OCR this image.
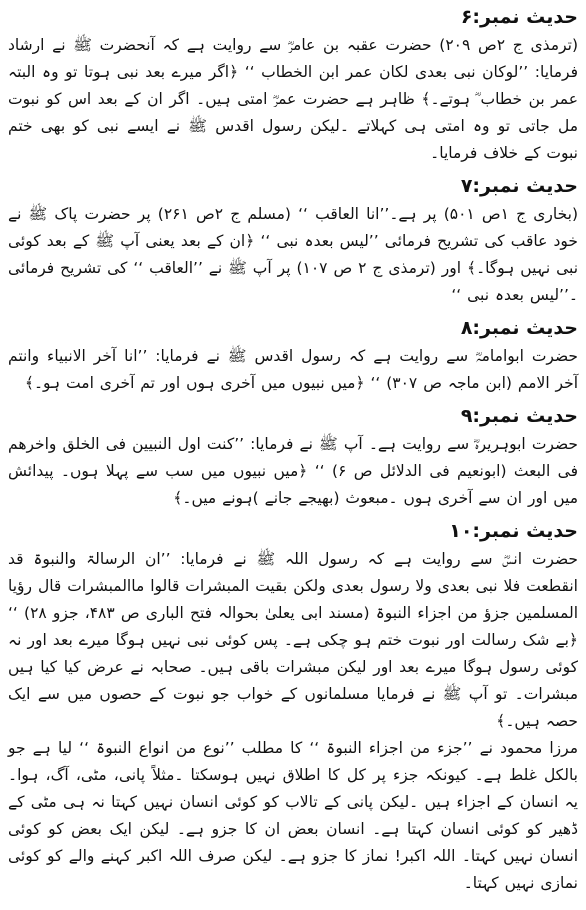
حدیث نمبر:۶

(ترمذی ج ۲ص ۲۰۹) حضرت عقبہ بن عامرؓ سے روایت ہے کہ آنحضرت ﷺ نے ارشاد فرمایا: ’’لوکان نبی بعدی لکان عمر ابن الخطاب ‘‘ ﴿اگر میرے بعد نبی ہوتا تو وہ البتہ عمر بن خطاب ؓ ہوتے۔﴾ ظاہر ہے حضرت عمرؓ امتی ہیں۔ اگر ان کے بعد اس کو نبوت مل جاتی تو وہ امتی ہی کہلاتے ۔لیکن رسول اقدس ﷺ نے ایسے نبی کو بھی ختم نبوت کے خلاف فرمایا۔

حدیث نمبر:۷

(بخاری ج ۱ص ۵۰۱) پر ہے۔’’انا العاقب ‘‘ (مسلم ج ۲ص ۲۶۱) پر حضرت پاک ﷺ نے خود عاقب کی تشریح فرمائی ’’لیس بعدہ نبی ‘‘ ﴿ان کے بعد یعنی آپ ﷺ کے بعد کوئی نبی نہیں ہوگا۔﴾ اور (ترمذی ج ۲ ص ۱۰۷) پر آپ ﷺ نے ’’العاقب ‘‘ کی تشریح فرمائی ۔’’لیس بعدہ نبی ‘‘

حدیث نمبر:۸

حضرت ابوامامہؓ سے روایت ہے کہ رسول اقدس ﷺ نے فرمایا: ’’انا آخر الانبیاء وانتم آخر الامم (ابن ماجہ ص ۳۰۷) ‘‘ ﴿میں نبیوں میں آخری ہوں اور تم آخری امت ہو۔﴾

حدیث نمبر:۹

حضرت ابوہریرہؓ سے روایت ہے۔ آپ ﷺ نے فرمایا: ’’کنت اول النبیین فی الخلق واخرھم فی البعث (ابونعیم فی الدلائل ص ۶) ‘‘ ﴿میں نبیوں میں سب سے پہلا ہوں۔ پیدائش میں اور ان سے آخری ہوں ۔مبعوث (بھیجے جانے )ہونے میں۔﴾

حدیث نمبر:۱۰

حضرت انسؓ سے روایت ہے کہ رسول اللہ ﷺ نے فرمایا: ’’ان الرسالۃ والنبوۃ قد انقطعت فلا نبی بعدی ولا رسول بعدی ولکن بقیت المبشرات قالوا ماالمبشرات قال رؤیا المسلمین جزؤ من اجزاء النبوۃ (مسند ابی یعلیٰ بحوالہ فتح الباری ص ۴۸۳، جزو ۲۸) ‘‘ ﴿بے شک رسالت اور نبوت ختم ہو چکی ہے۔ پس کوئی نبی نہیں ہوگا میرے بعد اور نہ کوئی رسول ہوگا میرے بعد اور لیکن مبشرات باقی ہیں۔ صحابہ نے عرض کیا کیا ہیں مبشرات۔ تو آپ ﷺ نے فرمایا مسلمانوں کے خواب جو نبوت کے حصوں میں سے ایک حصہ ہیں۔﴾

مرزا محمود نے ’’جزء من اجزاء النبوۃ ‘‘ کا مطلب ’’نوع من انواع النبوۃ ‘‘ لیا ہے جو بالکل غلط ہے۔ کیونکہ جزء پر کل کا اطلاق نہیں ہوسکتا ۔مثلاً پانی، مٹی، آگ، ہوا۔ یہ انسان کے اجزاء ہیں ۔لیکن پانی کے تالاب کو کوئی انسان نہیں کہتا نہ ہی مٹی کے ڈھیر کو کوئی انسان کہتا ہے۔ انسان بعض ان کا جزو ہے۔ لیکن ایک بعض کو کوئی انسان نہیں کہتا۔ اللہ اکبر! نماز کا جزو ہے۔ لیکن صرف اللہ اکبر کہنے والے کو کوئی نمازی نہیں کہتا۔
